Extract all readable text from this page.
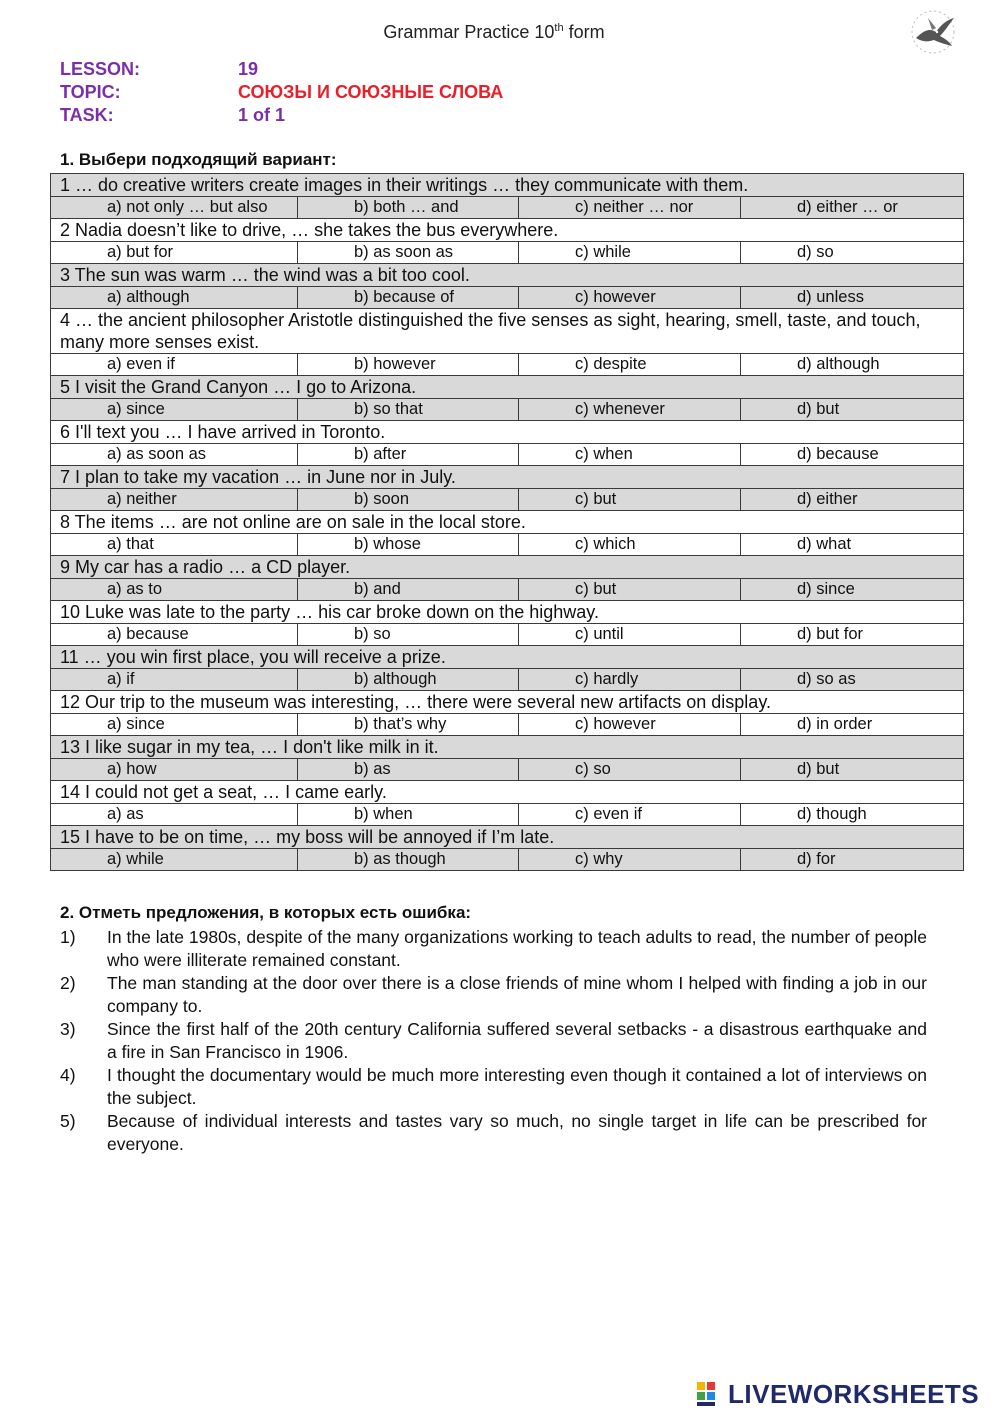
Grammar Practice 10th form
LESSON:	19
TOPIC:	СОЮЗЫ И СОЮЗНЫЕ СЛОВА
TASK:	1 of 1
1. Выбери подходящий вариант:
1 … do creative writers create images in their writings … they communicate with them.			
a) not only … but also	b) both … and	c) neither … nor	d) either … or
2 Nadia doesn’t like to drive, … she takes the bus everywhere.			
a) but for	b) as soon as	c) while	d) so
3 The sun was warm … the wind was a bit too cool.			
a) although	b) because of	c) however	d) unless
4 … the ancient philosopher Aristotle distinguished the five senses as sight, hearing, smell, taste, and touch, many more senses exist.			
a) even if	b) however	c) despite	d) although
5 I visit the Grand Canyon … I go to Arizona.			
a) since	b) so that	c) whenever	d) but
6 I'll text you … I have arrived in Toronto.			
a) as soon as	b) after	c) when	d) because
7 I plan to take my vacation … in June nor in July.			
a) neither	b) soon	c) but	d) either
8 The items … are not online are on sale in the local store.			
a) that	b) whose	c) which	d) what
9 My car has a radio … a CD player.			
a) as to	b) and	c) but	d) since
10 Luke was late to the party … his car broke down on the highway.			
a) because	b) so	c) until	d) but for
11 … you win first place, you will receive a prize.			
a) if	b) although	c) hardly	d) so as
12 Our trip to the museum was interesting, … there were several new artifacts on display.			
a) since	b) that’s why	c) however	d) in order
13 I like sugar in my tea, … I don't like milk in it.			
a) how	b) as	c) so	d) but
14 I could not get a seat, … I came early.			
a) as	b) when	c) even if	d) though
15 I have to be on time, … my boss will be annoyed if I’m late.			
a) while	b) as though	c) why	d) for
2. Отметь предложения, в которых есть ошибка:
1)	In the late 1980s, despite of the many organizations working to teach adults to read, the number of people who were illiterate remained constant.
2)	The man standing at the door over there is a close friends of mine whom I helped with finding a job in our company to.
3)	Since the first half of the 20th century California suffered several setbacks - a disastrous earthquake and a fire in San Francisco in 1906.
4)	I thought the documentary would be much more interesting even though it contained a lot of interviews on the subject.
5)	Because of individual interests and tastes vary so much, no single target in life can be prescribed for everyone.
LIVEWORKSHEETS
